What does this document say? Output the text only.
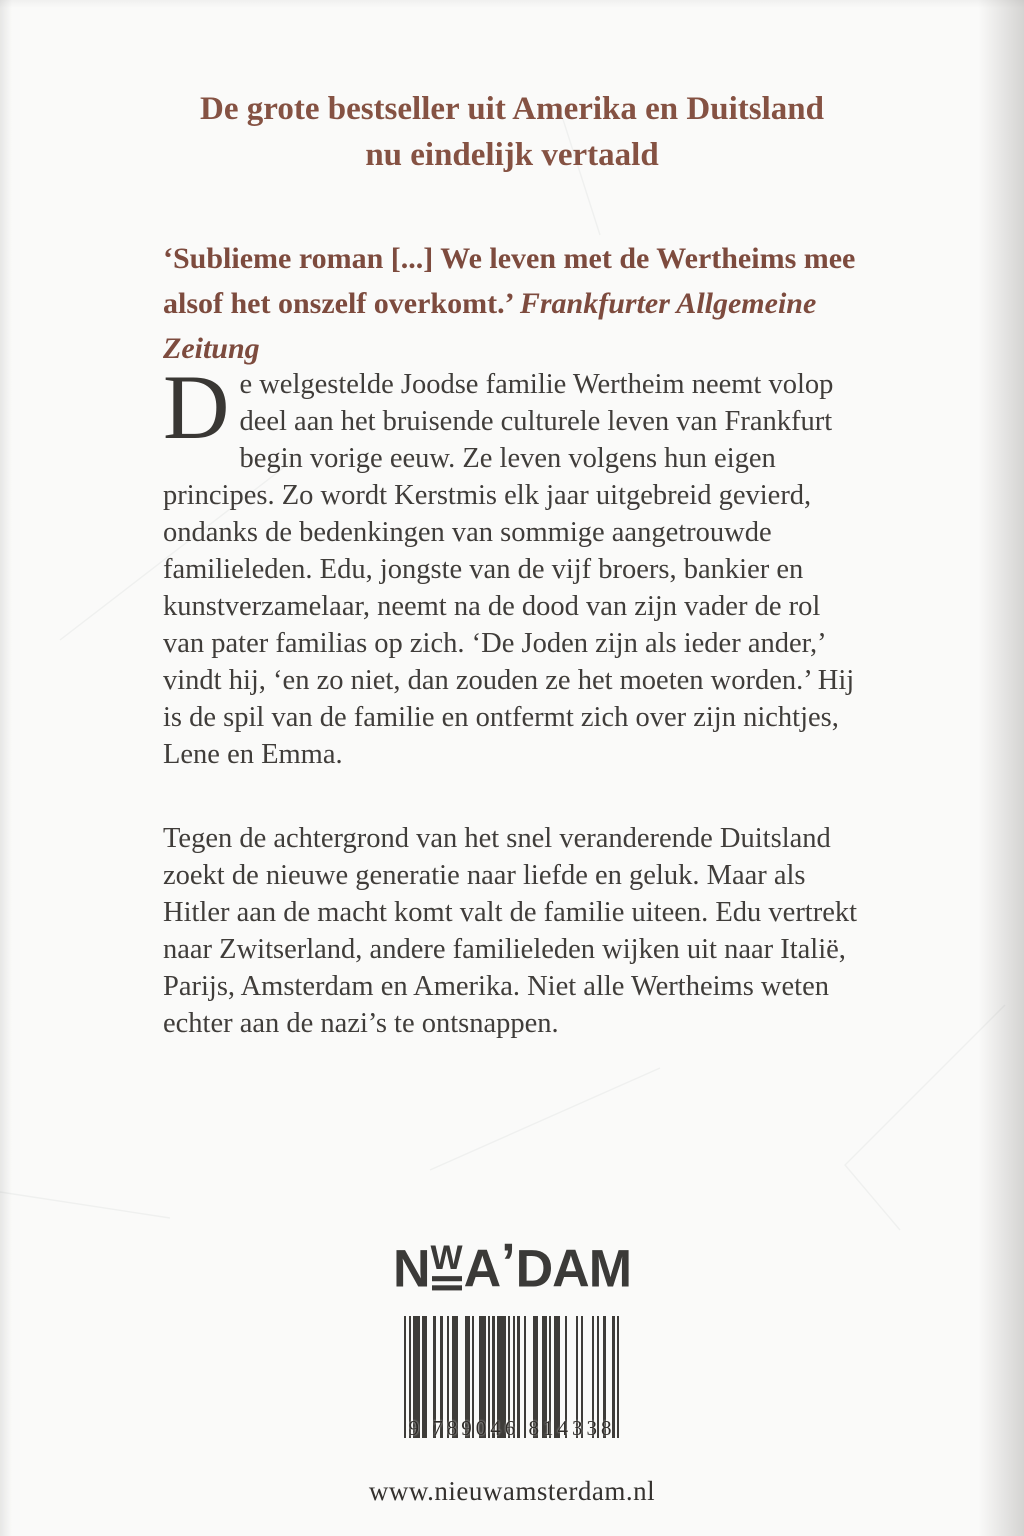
De grote bestseller uit Amerika en Duitsland
nu eindelijk vertaald
‘Sublieme roman [...] We leven met de Wertheims mee alsof het onszelf overkomt.’ Frankfurter Allgemeine Zeitung
D e welgestelde Joodse familie Wertheim neemt volop deel aan het bruisende culturele leven van Frankfurt begin vorige eeuw. Ze leven volgens hun eigen principes. Zo wordt Kerstmis elk jaar uitgebreid gevierd, ondanks de bedenkingen van sommige aangetrouwde familieleden. Edu, jongste van de vijf broers, bankier en kunstverzamelaar, neemt na de dood van zijn vader de rol van pater familias op zich. ‘De Joden zijn als ieder ander,’ vindt hij, ‘en zo niet, dan zouden ze het moeten worden.’ Hij is de spil van de familie en ontfermt zich over zijn nichtjes, Lene en Emma.
Tegen de achtergrond van het snel veranderende Duitsland zoekt de nieuwe generatie naar liefde en geluk. Maar als Hitler aan de macht komt valt de familie uiteen. Edu vertrekt naar Zwitserland, andere familieleden wijken uit naar Italië, Parijs, Amsterdam en Amerika. Niet alle Wertheims weten echter aan de nazi’s te ontsnappen.
N W A ’ DAM
9 789046 814338
www.nieuwamsterdam.nl
